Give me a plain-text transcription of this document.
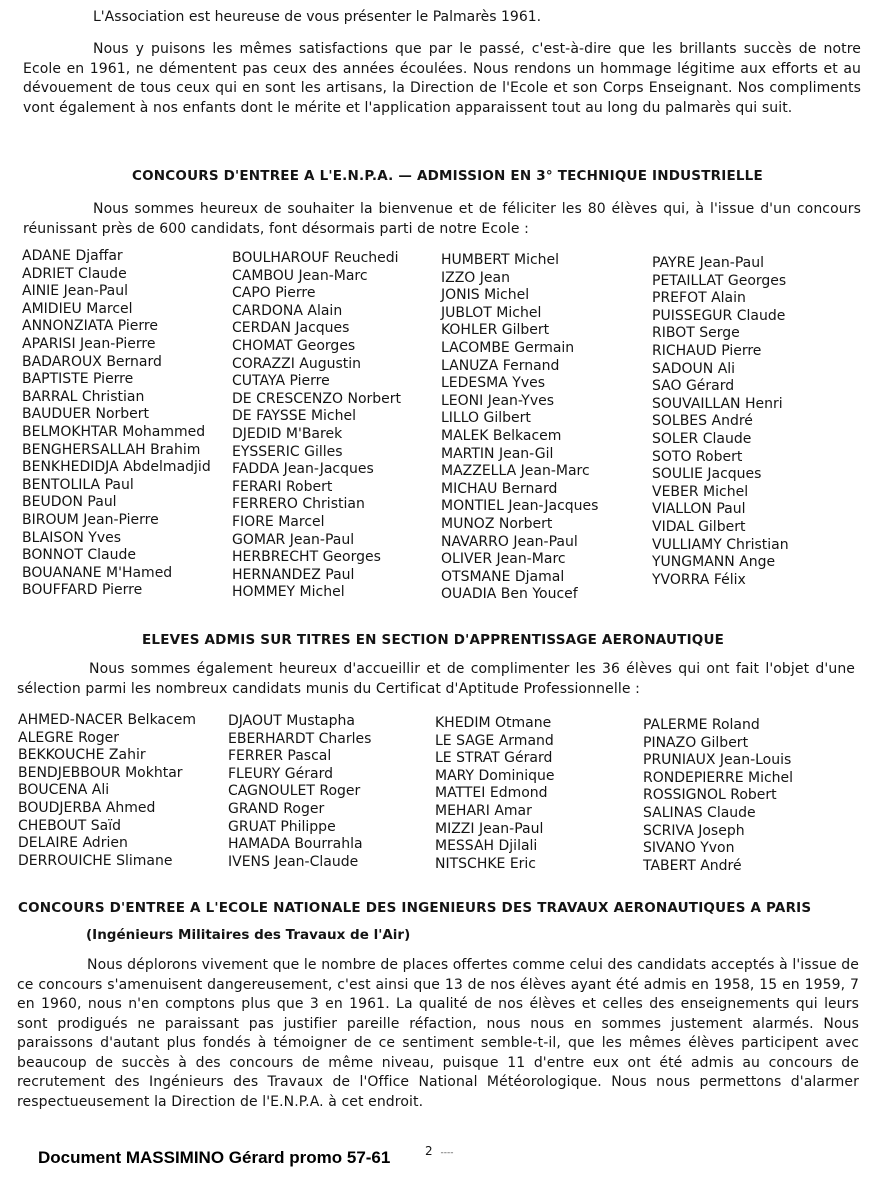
L'Association est heureuse de vous présenter le Palmarès 1961.

Nous y puisons les mêmes satisfactions que par le passé, c'est-à-dire que les brillants succès de notre Ecole en 1961, ne démentent pas ceux des années écoulées. Nous rendons un hommage légitime aux efforts et au dévouement de tous ceux qui en sont les artisans, la Direction de l'Ecole et son Corps Enseignant. Nos compliments vont également à nos enfants dont le mérite et l'application apparaissent tout au long du palmarès qui suit.

CONCOURS D'ENTREE A L'E.N.P.A. — ADMISSION EN 3° TECHNIQUE INDUSTRIELLE

Nous sommes heureux de souhaiter la bienvenue et de féliciter les 80 élèves qui, à l'issue d'un concours réunissant près de 600 candidats, font désormais parti de notre Ecole :

ADANE Djaffar
ADRIET Claude
AINIE Jean-Paul
AMIDIEU Marcel
ANNONZIATA Pierre
APARISI Jean-Pierre
BADAROUX Bernard
BAPTISTE Pierre
BARRAL Christian
BAUDUER Norbert
BELMOKHTAR Mohammed
BENGHERSALLAH Brahim
BENKHEDIDJA Abdelmadjid
BENTOLILA Paul
BEUDON Paul
BIROUM Jean-Pierre
BLAISON Yves
BONNOT Claude
BOUANANE M'Hamed
BOUFFARD Pierre
BOULHAROUF Reuchedi
CAMBOU Jean-Marc
CAPO Pierre
CARDONA Alain
CERDAN Jacques
CHOMAT Georges
CORAZZI Augustin
CUTAYA Pierre
DE CRESCENZO Norbert
DE FAYSSE Michel
DJEDID M'Barek
EYSSERIC Gilles
FADDA Jean-Jacques
FERARI Robert
FERRERO Christian
FIORE Marcel
GOMAR Jean-Paul
HERBRECHT Georges
HERNANDEZ Paul
HOMMEY Michel
HUMBERT Michel
IZZO Jean
JONIS Michel
JUBLOT Michel
KOHLER Gilbert
LACOMBE Germain
LANUZA Fernand
LEDESMA Yves
LEONI Jean-Yves
LILLO Gilbert
MALEK Belkacem
MARTIN Jean-Gil
MAZZELLA Jean-Marc
MICHAU Bernard
MONTIEL Jean-Jacques
MUNOZ Norbert
NAVARRO Jean-Paul
OLIVER Jean-Marc
OTSMANE Djamal
OUADIA Ben Youcef
PAYRE Jean-Paul
PETAILLAT Georges
PREFOT Alain
PUISSEGUR Claude
RIBOT Serge
RICHAUD Pierre
SADOUN Ali
SAO Gérard
SOUVAILLAN Henri
SOLBES André
SOLER Claude
SOTO Robert
SOULIE Jacques
VEBER Michel
VIALLON Paul
VIDAL Gilbert
VULLIAMY Christian
YUNGMANN Ange
YVORRA Félix
ELEVES ADMIS SUR TITRES EN SECTION D'APPRENTISSAGE AERONAUTIQUE

Nous sommes également heureux d'accueillir et de complimenter les 36 élèves qui ont fait l'objet d'une sélection parmi les nombreux candidats munis du Certificat d'Aptitude Professionnelle :

AHMED-NACER Belkacem
ALEGRE Roger
BEKKOUCHE Zahir
BENDJEBBOUR Mokhtar
BOUCENA Ali
BOUDJERBA Ahmed
CHEBOUT Saïd
DELAIRE Adrien
DERROUICHE Slimane
DJAOUT Mustapha
EBERHARDT Charles
FERRER Pascal
FLEURY Gérard
CAGNOULET Roger
GRAND Roger
GRUAT Philippe
HAMADA Bourrahla
IVENS Jean-Claude
KHEDIM Otmane
LE SAGE Armand
LE STRAT Gérard
MARY Dominique
MATTEI Edmond
MEHARI Amar
MIZZI Jean-Paul
MESSAH Djilali
NITSCHKE Eric
PALERME Roland
PINAZO Gilbert
PRUNIAUX Jean-Louis
RONDEPIERRE Michel
ROSSIGNOL Robert
SALINAS Claude
SCRIVA Joseph
SIVANO Yvon
TABERT André
CONCOURS D'ENTREE A L'ECOLE NATIONALE DES INGENIEURS DES TRAVAUX AERONAUTIQUES A PARIS
(Ingénieurs Militaires des Travaux de l'Air)

Nous déplorons vivement que le nombre de places offertes comme celui des candidats acceptés à l'issue de ce concours s'amenuisent dangereusement, c'est ainsi que 13 de nos élèves ayant été admis en 1958, 15 en 1959, 7 en 1960, nous n'en comptons plus que 3 en 1961. La qualité de nos élèves et celles des enseignements qui leurs sont prodigués ne paraissant pas justifier pareille réfaction, nous nous en sommes justement alarmés. Nous paraissons d'autant plus fondés à témoigner de ce sentiment semble-t-il, que les mêmes élèves participent avec beaucoup de succès à des concours de même niveau, puisque 11 d'entre eux ont été admis au concours de recrutement des Ingénieurs des Travaux de l'Office National Météorologique. Nous nous permettons d'alarmer respectueusement la Direction de l'E.N.P.A. à cet endroit.

Document MASSIMINO Gérard promo 57-61	2 ----
